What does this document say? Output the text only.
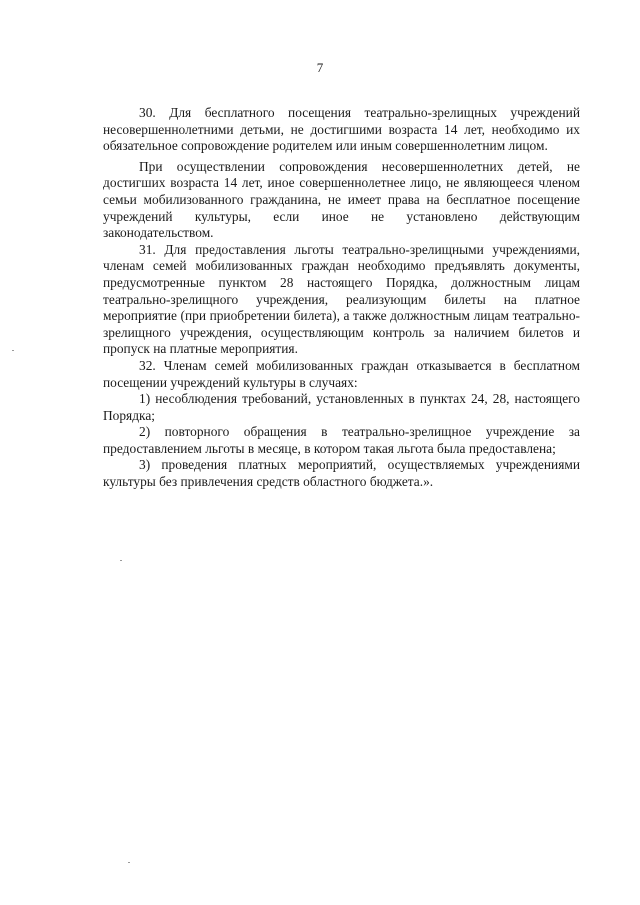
7

30. Для бесплатного посещения театрально-зрелищных учреждений несовершеннолетними детьми, не достигшими возраста 14 лет, необходимо их обязательное сопровождение родителем или иным совершеннолетним лицом.

При осуществлении сопровождения несовершеннолетних детей, не достигших возраста 14 лет, иное совершеннолетнее лицо, не являющееся членом семьи мобилизованного гражданина, не имеет права на бесплатное посещение учреждений культуры, если иное не установлено действующим законодательством.

31. Для предоставления льготы театрально-зрелищными учреждениями, членам семей мобилизованных граждан необходимо предъявлять документы, предусмотренные пунктом 28 настоящего Порядка, должностным лицам театрально-зрелищного учреждения, реализующим билеты на платное мероприятие (при приобретении билета), а также должностным лицам театрально-зрелищного учреждения, осуществляющим контроль за наличием билетов и пропуск на платные мероприятия.

32. Членам семей мобилизованных граждан отказывается в бесплатном посещении учреждений культуры в случаях:

1) несоблюдения требований, установленных в пунктах 24, 28, настоящего Порядка;

2) повторного обращения в театрально-зрелищное учреждение за предоставлением льготы в месяце, в котором такая льгота была предоставлена;

3) проведения платных мероприятий, осуществляемых учреждениями культуры без привлечения средств областного бюджета.».
